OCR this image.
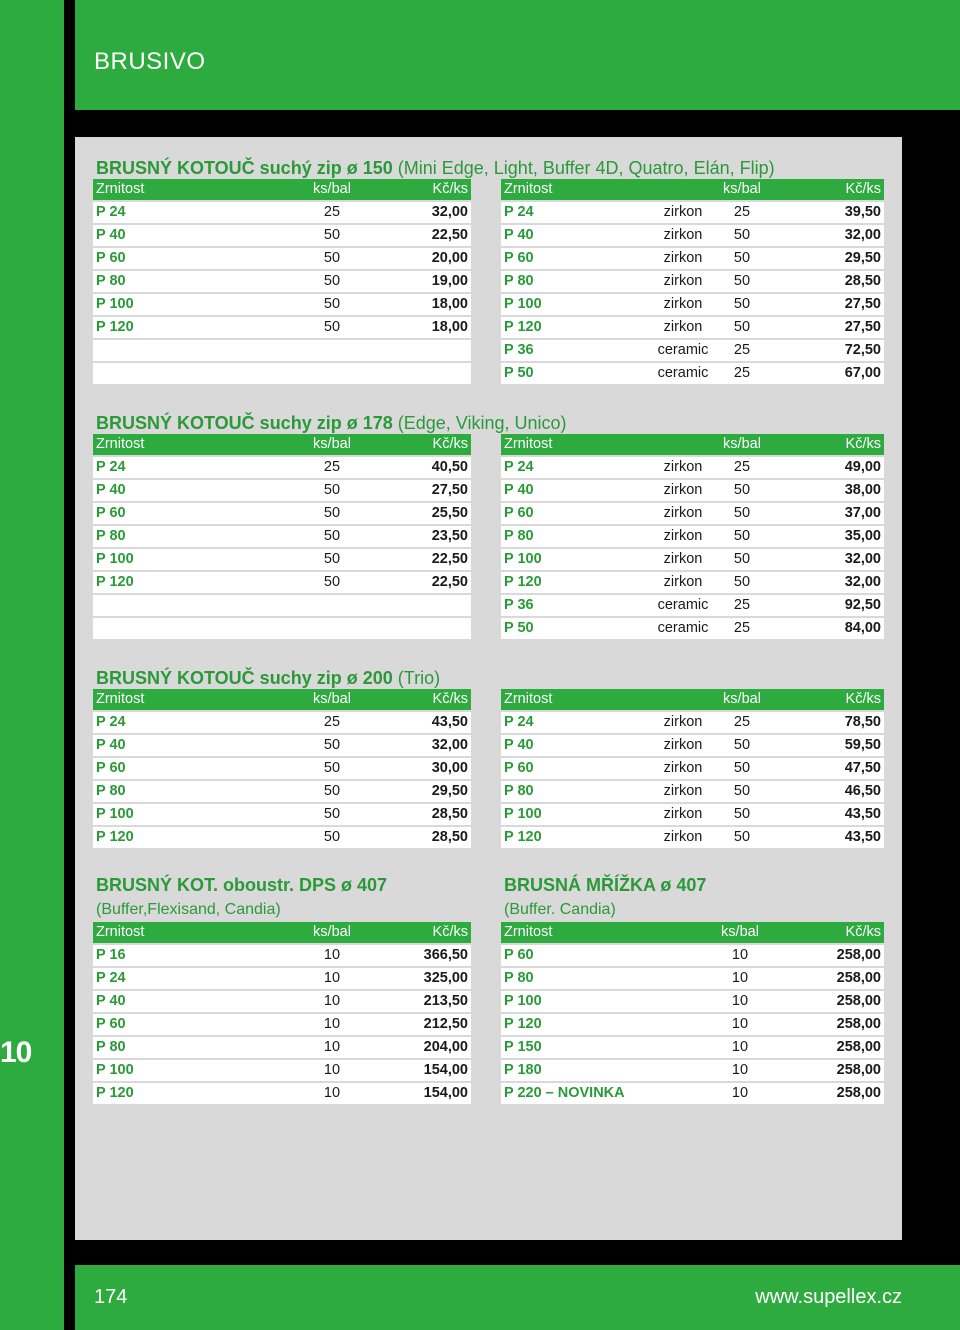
10
BRUSIVO
BRUSNÝ KOTOUČ suchý zip ø 150 (Mini Edge, Light, Buffer 4D, Quatro, Elán, Flip)
Zrnitost	ks/bal	Kč/ks
P 24	25	32,00
P 40	50	22,50
P 60	50	20,00
P 80	50	19,00
P 100	50	18,00
P 120	50	18,00
Zrnitost	ks/bal	Kč/ks
P 24	zirkon	25	39,50
P 40	zirkon	50	32,00
P 60	zirkon	50	29,50
P 80	zirkon	50	28,50
P 100	zirkon	50	27,50
P 120	zirkon	50	27,50
P 36	ceramic	25	72,50
P 50	ceramic	25	67,00
BRUSNÝ KOTOUČ suchy zip ø 178 (Edge, Viking, Unico)
Zrnitost	ks/bal	Kč/ks
P 24	25	40,50
P 40	50	27,50
P 60	50	25,50
P 80	50	23,50
P 100	50	22,50
P 120	50	22,50
Zrnitost	ks/bal	Kč/ks
P 24	zirkon	25	49,00
P 40	zirkon	50	38,00
P 60	zirkon	50	37,00
P 80	zirkon	50	35,00
P 100	zirkon	50	32,00
P 120	zirkon	50	32,00
P 36	ceramic	25	92,50
P 50	ceramic	25	84,00
BRUSNÝ KOTOUČ suchy zip ø 200 (Trio)
Zrnitost	ks/bal	Kč/ks
P 24	25	43,50
P 40	50	32,00
P 60	50	30,00
P 80	50	29,50
P 100	50	28,50
P 120	50	28,50
Zrnitost	ks/bal	Kč/ks
P 24	zirkon	25	78,50
P 40	zirkon	50	59,50
P 60	zirkon	50	47,50
P 80	zirkon	50	46,50
P 100	zirkon	50	43,50
P 120	zirkon	50	43,50
BRUSNÝ KOT. oboustr. DPS ø 407
(Buffer,Flexisand, Candia)
Zrnitost	ks/bal	Kč/ks
P 16	10	366,50
P 24	10	325,00
P 40	10	213,50
P 60	10	212,50
P 80	10	204,00
P 100	10	154,00
P 120	10	154,00
BRUSNÁ MŘÍŽKA ø 407
(Buffer. Candia)
Zrnitost	ks/bal	Kč/ks
P 60	10	258,00
P 80	10	258,00
P 100	10	258,00
P 120	10	258,00
P 150	10	258,00
P 180	10	258,00
P 220 – NOVINKA	10	258,00
174	www.supellex.cz
